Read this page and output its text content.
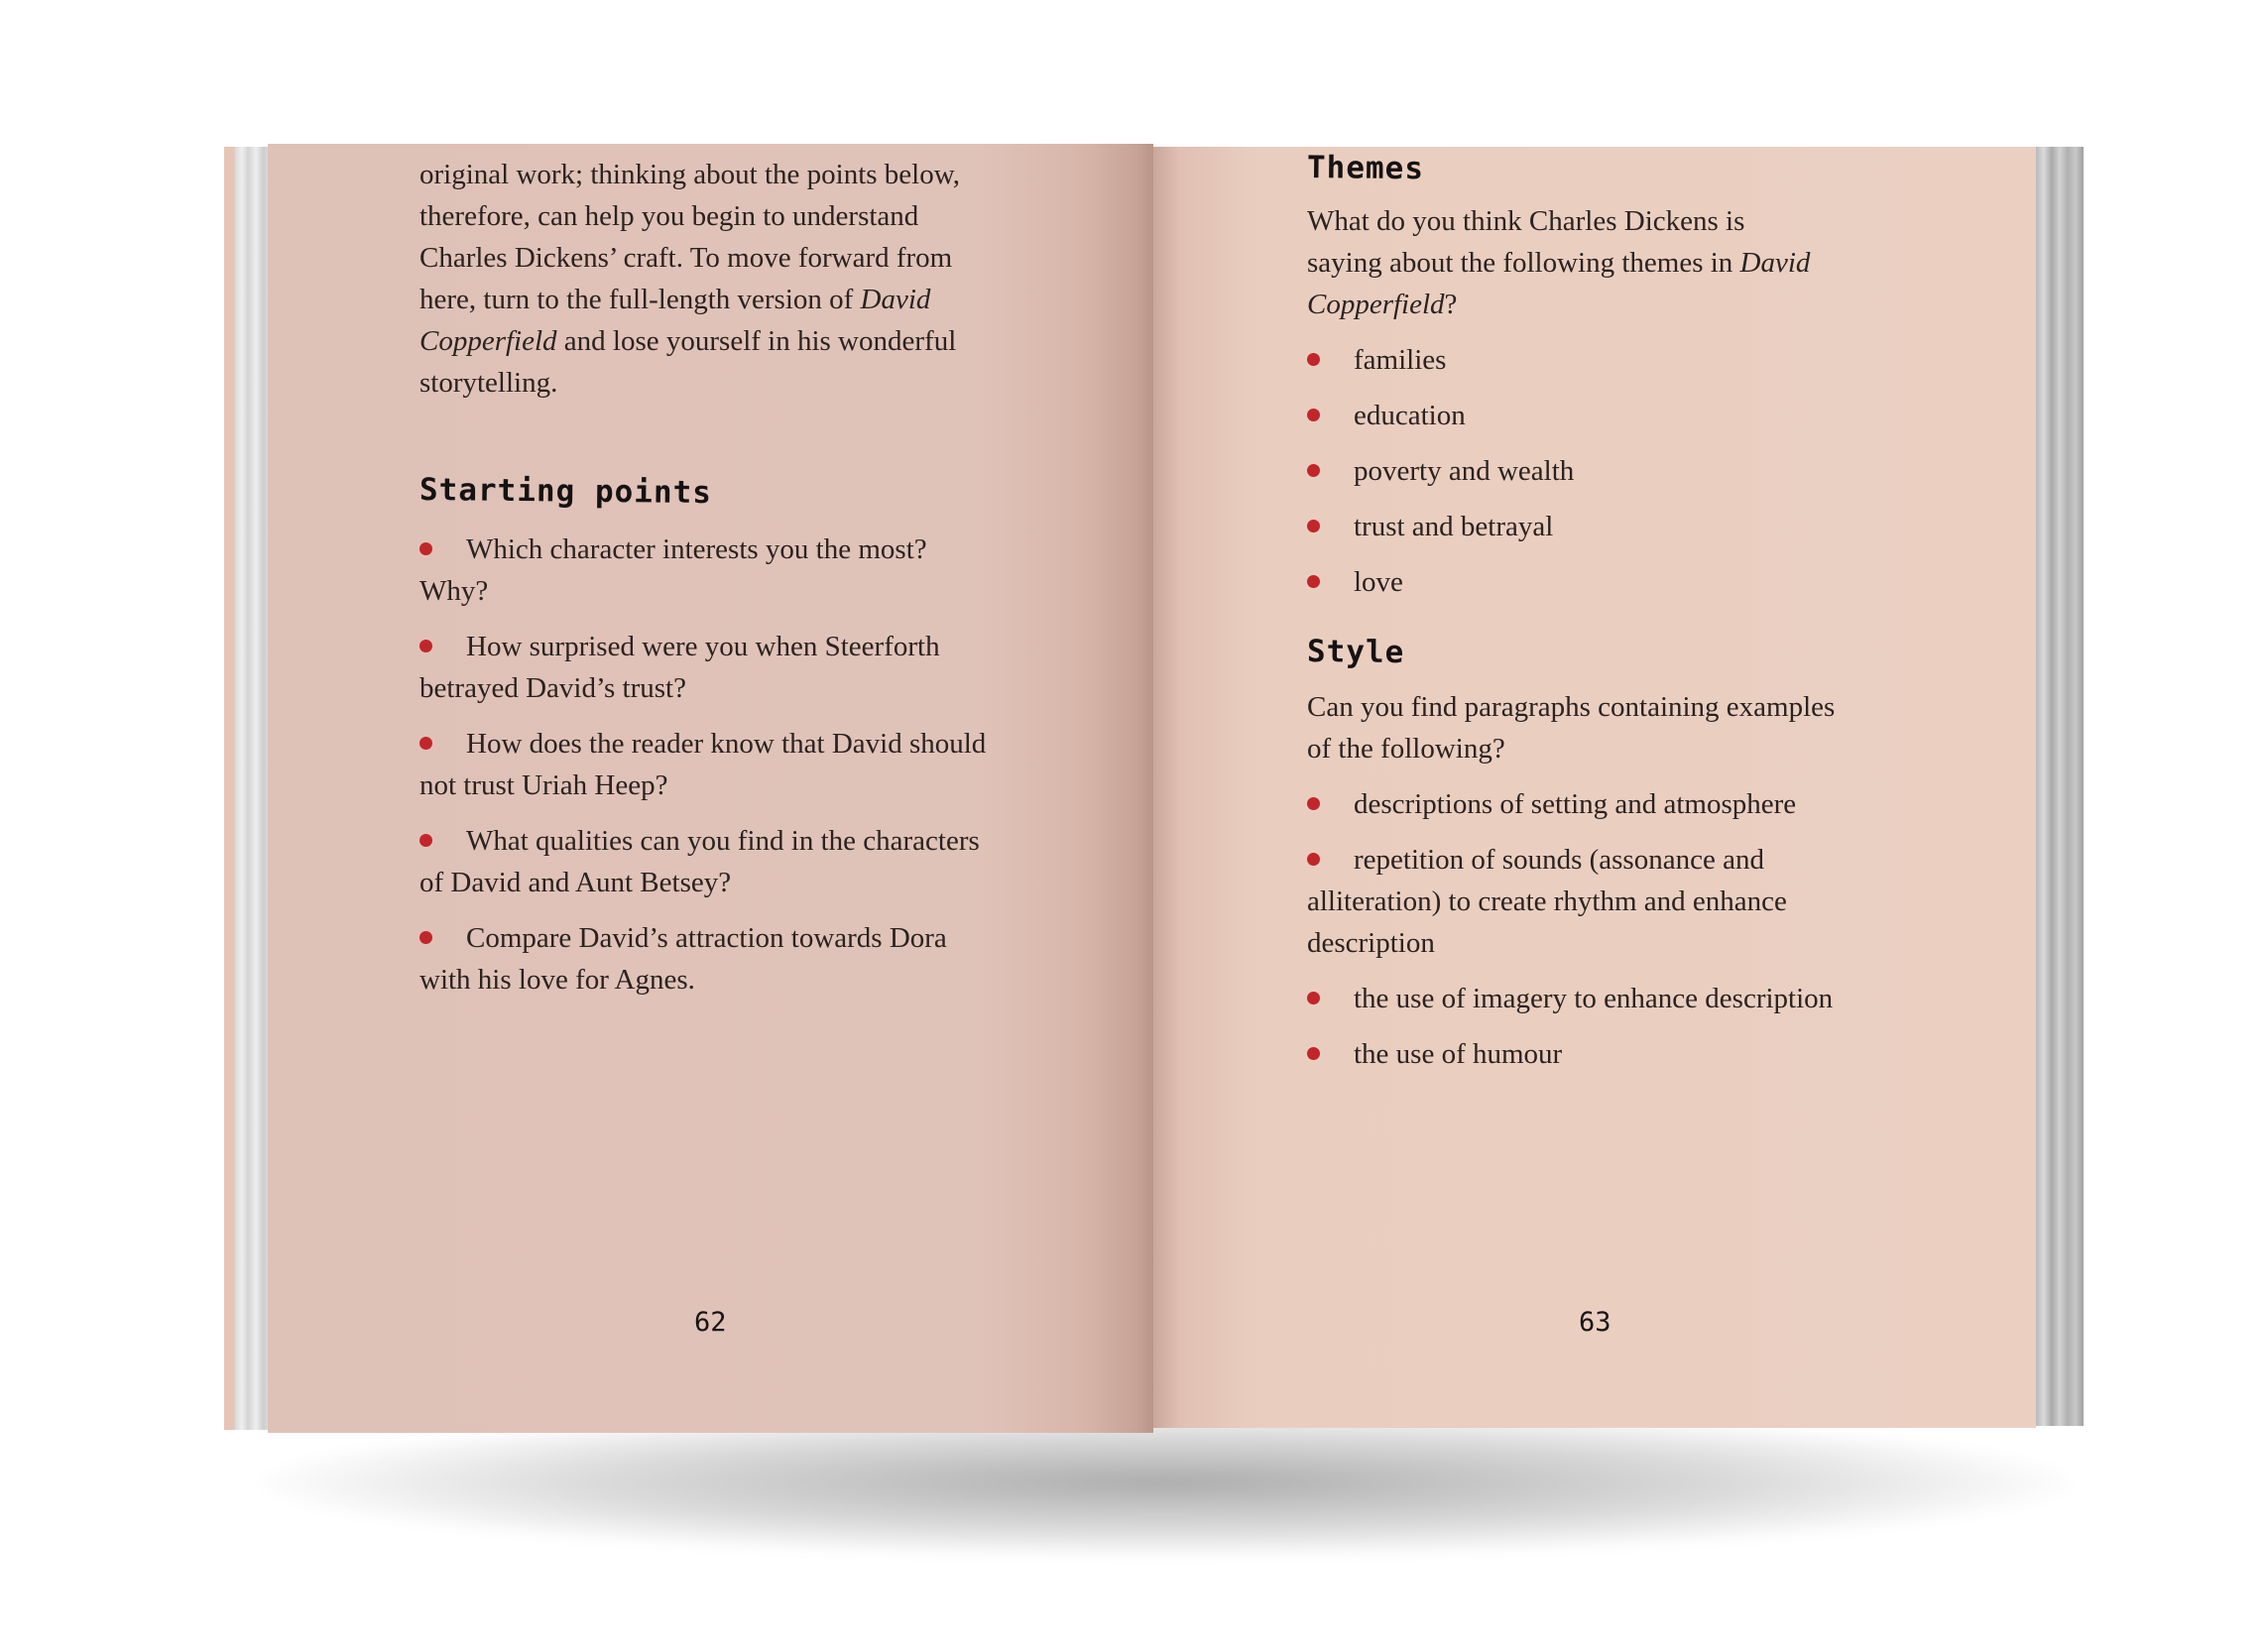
original work; thinking about the points below,
therefore, can help you begin to understand
Charles Dickens’ craft. To move forward from
here, turn to the full-length version of David
Copperfield and lose yourself in his wonderful
storytelling.

Starting points
Which character interests you the most?
Why?
How surprised were you when Steerforth
betrayed David’s trust?
How does the reader know that David should
not trust Uriah Heep?
What qualities can you find in the characters
of David and Aunt Betsey?
Compare David’s attraction towards Dora
with his love for Agnes.
62
Themes

What do you think Charles Dickens is
saying about the following themes in David
Copperfield?

families
education
poverty and wealth
trust and betrayal
love
Style

Can you find paragraphs containing examples
of the following?

descriptions of setting and atmosphere
repetition of sounds (assonance and
alliteration) to create rhythm and enhance
description
the use of imagery to enhance description
the use of humour
63
